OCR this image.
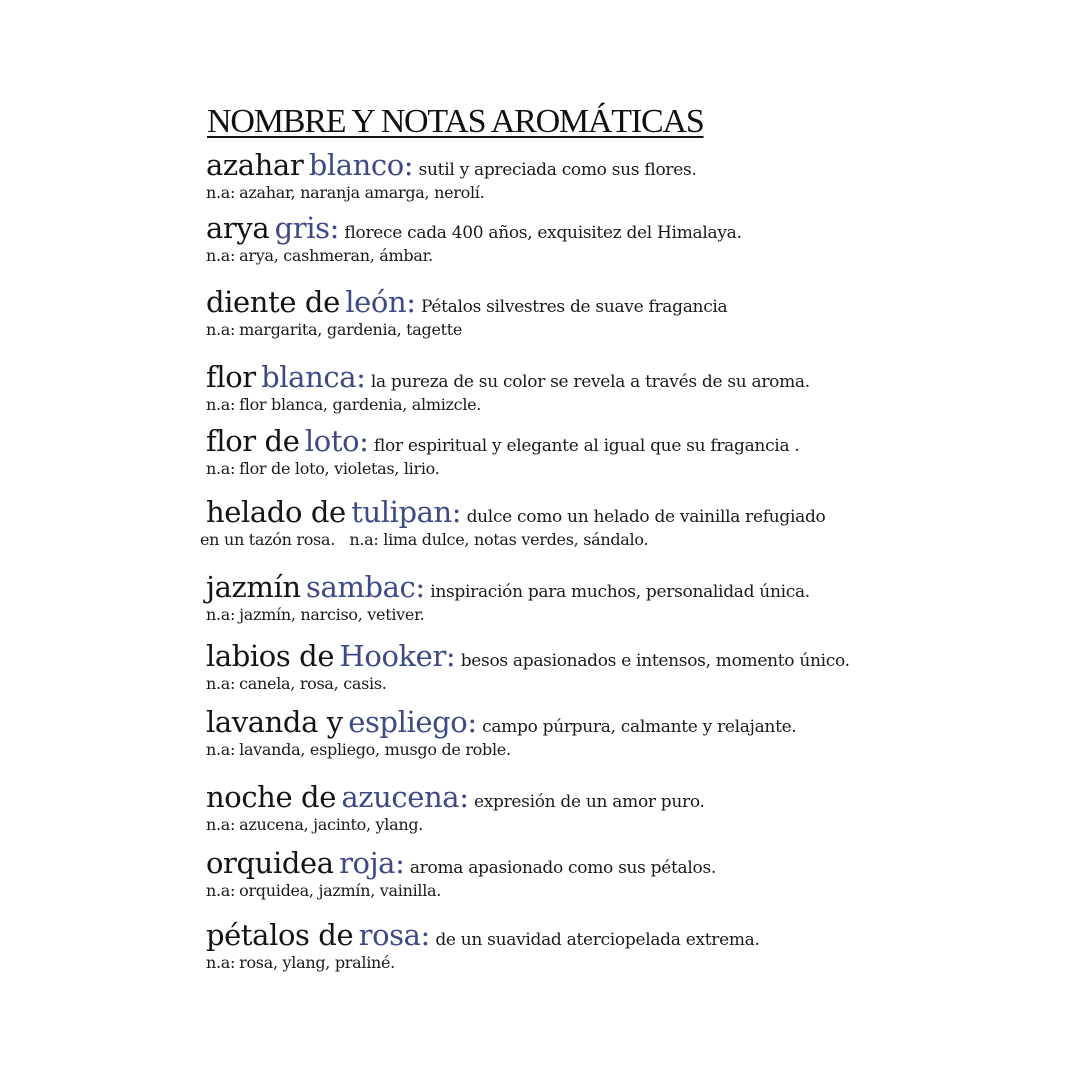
NOMBRE Y NOTAS AROMÁTICAS
azahar blanco: sutil y apreciada como sus flores.
n.a: azahar, naranja amarga, nerolí.
arya gris: florece cada 400 años, exquisitez del Himalaya.
n.a: arya, cashmeran, ámbar.
diente de león: Pétalos silvestres de suave fragancia
n.a: margarita, gardenia, tagette
flor blanca: la pureza de su color se revela a través de su aroma.
n.a: flor blanca, gardenia, almizcle.
flor de loto: flor espiritual y elegante al igual que su fragancia .
n.a: flor de loto, violetas, lirio.
helado de tulipan: dulce como un helado de vainilla refugiado
en un tazón rosa.   n.a: lima dulce, notas verdes, sándalo.
jazmín sambac: inspiración para muchos, personalidad única.
n.a: jazmín, narciso, vetiver.
labios de Hooker: besos apasionados e intensos, momento único.
n.a: canela, rosa, casis.
lavanda y espliego: campo púrpura, calmante y relajante.
n.a: lavanda, espliego, musgo de roble.
noche de azucena: expresión de un amor puro.
n.a: azucena, jacinto, ylang.
orquidea roja: aroma apasionado como sus pétalos.
n.a: orquidea, jazmín, vainilla.
pétalos de rosa: de un suavidad aterciopelada extrema.
n.a: rosa, ylang, praliné.
